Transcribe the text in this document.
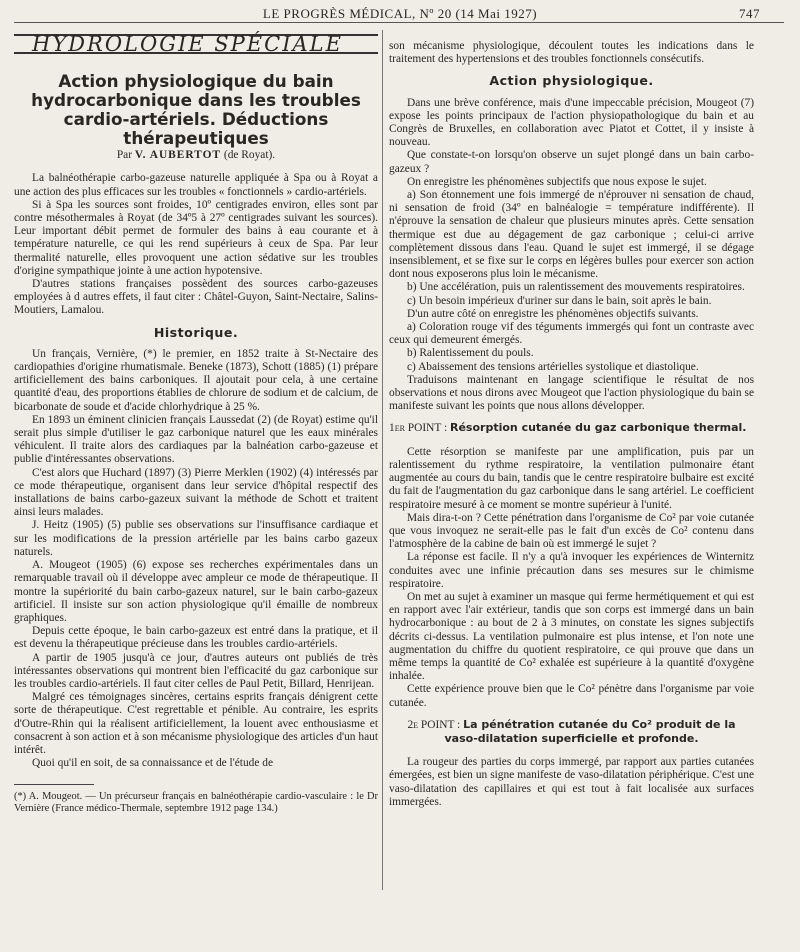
LE PROGRÈS MÉDICAL, Nº 20 (14 Mai 1927)	747
HYDROLOGIE SPÉCIALE
Action physiologique du bain
hydrocarbonique dans les troubles
cardio-artériels. Déductions thérapeutiques
Par V. AUBERTOT (de Royat).

La balnéothérapie carbo-gazeuse naturelle appliquée à Spa ou à Royat a une action des plus efficaces sur les troubles « fonctionnels » cardio-artériels.

Si à Spa les sources sont froides, 10º centigrades environ, elles sont par contre mésothermales à Royat (de 34º5 à 27º centigrades suivant les sources). Leur important débit permet de formuler des bains à eau courante et à température naturelle, ce qui les rend supérieurs à ceux de Spa. Par leur thermalité naturelle, elles provoquent une action sédative sur les troubles d'origine sympathique jointe à une action hypotensive.

D'autres stations françaises possèdent des sources carbo-gazeuses employées à d autres effets, il faut citer : Châtel-Guyon, Saint-Nectaire, Salins-Moutiers, Lamalou.

Historique.

Un français, Vernière, (*) le premier, en 1852 traite à St-Nectaire des cardiopathies d'origine rhumatismale. Beneke (1873), Schott (1885) (1) prépare artificiellement des bains carboniques. Il ajoutait pour cela, à une certaine quantité d'eau, des proportions établies de chlorure de sodium et de calcium, de bicarbonate de soude et d'acide chlorhydrique à 25 %.

En 1893 un éminent clinicien français Laussedat (2) (de Royat) estime qu'il serait plus simple d'utiliser le gaz carbonique naturel que les eaux minérales véhiculent. Il traite alors des cardiaques par la balnéation carbo-gazeuse et publie d'intéressantes observations.

C'est alors que Huchard (1897) (3) Pierre Merklen (1902) (4) intéressés par ce mode thérapeutique, organisent dans leur service d'hôpital respectif des installations de bains carbo-gazeux suivant la méthode de Schott et traitent ainsi leurs malades.

J. Heitz (1905) (5) publie ses observations sur l'insuffisance cardiaque et sur les modifications de la pression artérielle par les bains carbo gazeux naturels.

A. Mougeot (1905) (6) expose ses recherches expérimentales dans un remarquable travail où il développe avec ampleur ce mode de thérapeutique. Il montre la supériorité du bain carbo-gazeux naturel, sur le bain carbo-gazeux artificiel. Il insiste sur son action physiologique qu'il émaille de nombreux graphiques.

Depuis cette époque, le bain carbo-gazeux est entré dans la pratique, et il est devenu la thérapeutique précieuse dans les troubles cardio-artériels.

A partir de 1905 jusqu'à ce jour, d'autres auteurs ont publiés de très intéressantes observations qui montrent bien l'efficacité du gaz carbonique sur les troubles cardio-artériels. Il faut citer celles de Paul Petit, Billard, Henrijean.

Malgré ces témoignages sincères, certains esprits français dénigrent cette sorte de thérapeutique. C'est regrettable et pénible. Au contraire, les esprits d'Outre-Rhin qui la réalisent artificiellement, la louent avec enthousiasme et consacrent à son action et à son mécanisme physiologique des articles d'un haut intérêt.

Quoi qu'il en soit, de sa connaissance et de l'étude de

(*) A. Mougeot. — Un précurseur français en balnéothérapie cardio-vasculaire : le Dr Vernière (France médico-Thermale, septembre 1912 page 134.)

son mécanisme physiologique, découlent toutes les indications dans le traitement des hypertensions et des troubles fonctionnels consécutifs.

Action physiologique.

Dans une brève conférence, mais d'une impeccable précision, Mougeot (7) expose les points principaux de l'action physiopathologique du bain et au Congrès de Bruxelles, en collaboration avec Piatot et Cottet, il y insiste à nouveau.

Que constate-t-on lorsqu'on observe un sujet plongé dans un bain carbo-gazeux ?

On enregistre les phénomènes subjectifs que nous expose le sujet.

a) Son étonnement une fois immergé de n'éprouver ni sensation de chaud, ni sensation de froid (34º en balnéalogie = température indifférente). Il n'éprouve la sensation de chaleur que plusieurs minutes après. Cette sensation thermique est due au dégagement de gaz carbonique ; celui-ci arrive complètement dissous dans l'eau. Quand le sujet est immergé, il se dégage insensiblement, et se fixe sur le corps en légères bulles pour exercer son action dont nous exposerons plus loin le mécanisme.

b) Une accélération, puis un ralentissement des mouvements respiratoires.

c) Un besoin impérieux d'uriner sur dans le bain, soit après le bain.

D'un autre côté on enregistre les phénomènes objectifs suivants.

a) Coloration rouge vif des téguments immergés qui font un contraste avec ceux qui demeurent émergés.

b) Ralentissement du pouls.

c) Abaissement des tensions artérielles systolique et diastolique.

Traduisons maintenant en langage scientifique le résultat de nos observations et nous dirons avec Mougeot que l'action physiologique du bain se manifeste suivant les points que nous allons développer.

1er POINT : Résorption cutanée du gaz carbonique thermal.

Cette résorption se manifeste par une amplification, puis par un ralentissement du rythme respiratoire, la ventilation pulmonaire étant augmentée au cours du bain, tandis que le centre respiratoire bulbaire est excité du fait de l'augmentation du gaz carbonique dans le sang artériel. Le coefficient respiratoire mesuré à ce moment se montre supérieur à l'unité.

Mais dira-t-on ? Cette pénétration dans l'organisme de Co² par voie cutanée que vous invoquez ne serait-elle pas le fait d'un excès de Co² contenu dans l'atmosphère de la cabine de bain où est immergé le sujet ?

La réponse est facile. Il n'y a qu'à invoquer les expériences de Winternitz conduites avec une infinie précaution dans ses mesures sur le chimisme respiratoire.

On met au sujet à examiner un masque qui ferme hermétiquement et qui est en rapport avec l'air extérieur, tandis que son corps est immergé dans un bain hydrocarbonique : au bout de 2 à 3 minutes, on constate les signes subjectifs décrits ci-dessus. La ventilation pulmonaire est plus intense, et l'on note une augmentation du chiffre du quotient respiratoire, ce qui prouve que dans un même temps la quantité de Co² exhalée est supérieure à la quantité d'oxygène inhalée.

Cette expérience prouve bien que le Co² pénètre dans l'organisme par voie cutanée.

2e POINT : La pénétration cutanée du Co² produit de la vaso-dilatation superficielle et profonde.

La rougeur des parties du corps immergé, par rapport aux parties cutanées émergées, est bien un signe manifeste de vaso-dilatation périphérique. C'est une vaso-dilatation des capillaires et qui est tout à fait localisée aux surfaces immergées.
